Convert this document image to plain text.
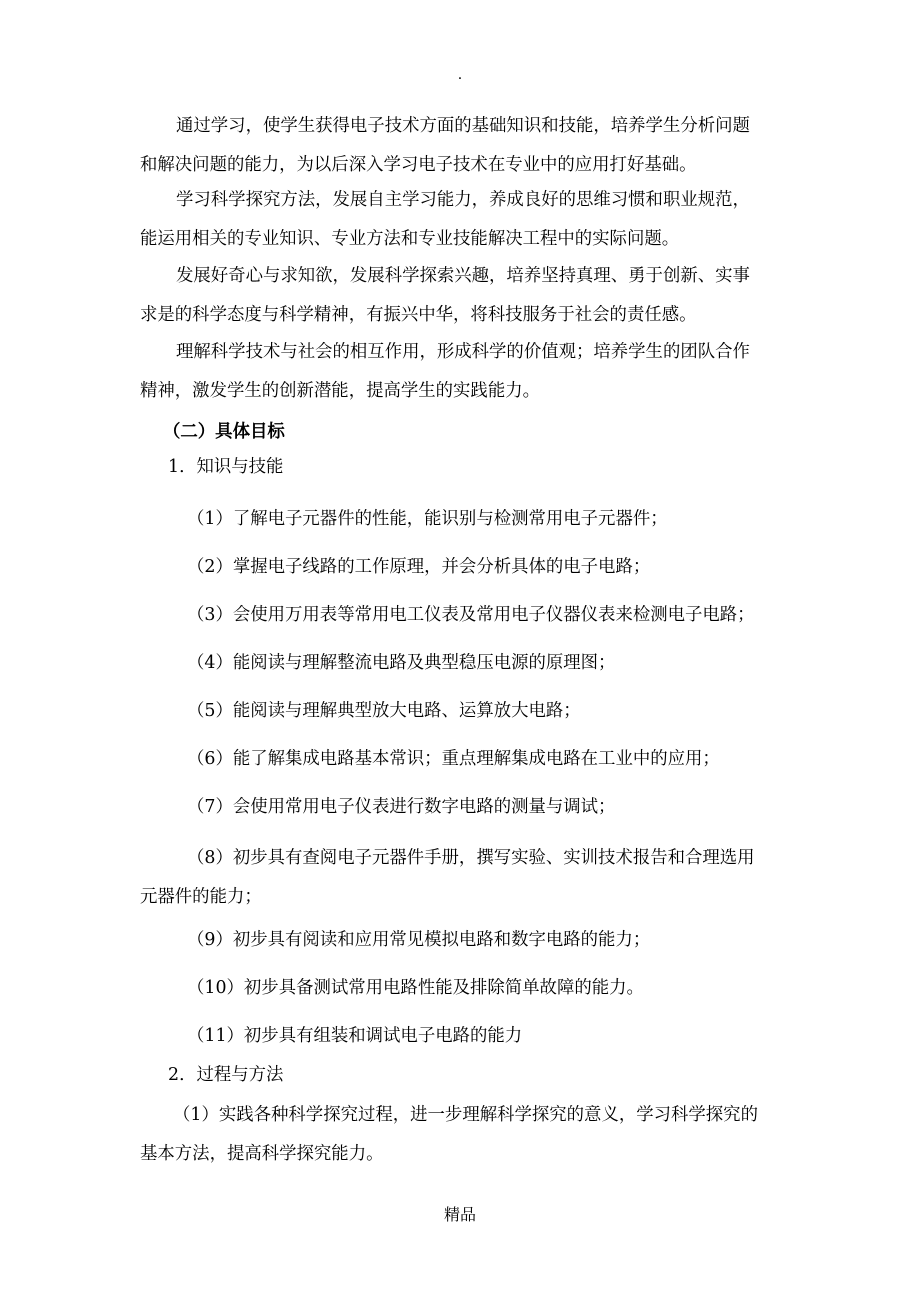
.
通过学习，使学生获得电子技术方面的基础知识和技能，培养学生分析问题
和解决问题的能力，为以后深入学习电子技术在专业中的应用打好基础。
学习科学探究方法，发展自主学习能力，养成良好的思维习惯和职业规范，
能运用相关的专业知识、专业方法和专业技能解决工程中的实际问题。
发展好奇心与求知欲，发展科学探索兴趣，培养坚持真理、勇于创新、实事
求是的科学态度与科学精神，有振兴中华，将科技服务于社会的责任感。
理解科学技术与社会的相互作用，形成科学的价值观；培养学生的团队合作
精神，激发学生的创新潜能，提高学生的实践能力。
（二）具体目标
1．知识与技能
（1）了解电子元器件的性能，能识别与检测常用电子元器件；
（2）掌握电子线路的工作原理，并会分析具体的电子电路；
（3）会使用万用表等常用电工仪表及常用电子仪器仪表来检测电子电路；
（4）能阅读与理解整流电路及典型稳压电源的原理图；
（5）能阅读与理解典型放大电路、运算放大电路；
（6）能了解集成电路基本常识；重点理解集成电路在工业中的应用；
（7）会使用常用电子仪表进行数字电路的测量与调试；
（8）初步具有查阅电子元器件手册，撰写实验、实训技术报告和合理选用
元器件的能力；
（9）初步具有阅读和应用常见模拟电路和数字电路的能力；
（10）初步具备测试常用电路性能及排除简单故障的能力。
（11）初步具有组装和调试电子电路的能力
2．过程与方法
（1）实践各种科学探究过程，进一步理解科学探究的意义，学习科学探究的
基本方法，提高科学探究能力。
精品
